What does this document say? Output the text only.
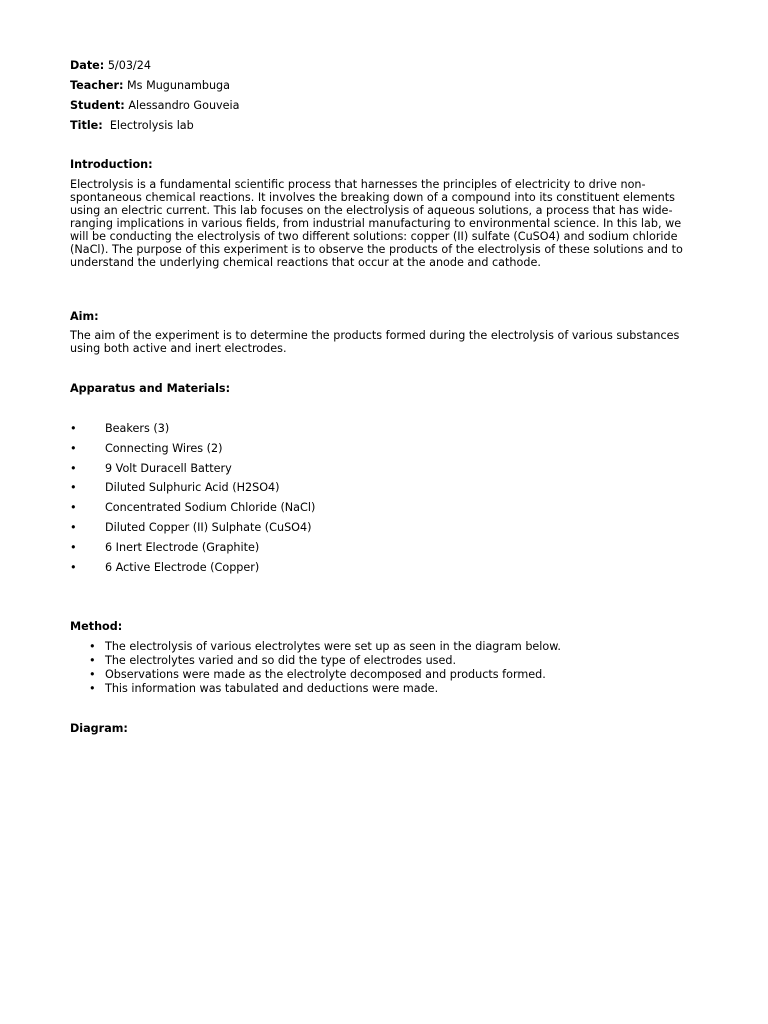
Date: 5/03/24
Teacher: Ms Mugunambuga
Student: Alessandro Gouveia
Title: Electrolysis lab
Introduction:
Electrolysis is a fundamental scientific process that harnesses the principles of electricity to drive non-spontaneous chemical reactions. It involves the breaking down of a compound into its constituent elements using an electric current. This lab focuses on the electrolysis of aqueous solutions, a process that has wide-ranging implications in various fields, from industrial manufacturing to environmental science. In this lab, we will be conducting the electrolysis of two different solutions: copper (II) sulfate (CuSO4) and sodium chloride (NaCl). The purpose of this experiment is to observe the products of the electrolysis of these solutions and to understand the underlying chemical reactions that occur at the anode and cathode.
Aim:
The aim of the experiment is to determine the products formed during the electrolysis of various substances using both active and inert electrodes.
Apparatus and Materials:
•	Beakers (3)
•	Connecting Wires (2)
•	9 Volt Duracell Battery
•	Diluted Sulphuric Acid (H2SO4)
•	Concentrated Sodium Chloride (NaCl)
•	Diluted Copper (II) Sulphate (CuSO4)
•	6 Inert Electrode (Graphite)
•	6 Active Electrode (Copper)
Method:
• The electrolysis of various electrolytes were set up as seen in the diagram below.
• The electrolytes varied and so did the type of electrodes used.
• Observations were made as the electrolyte decomposed and products formed.
• This information was tabulated and deductions were made.
Diagram:
